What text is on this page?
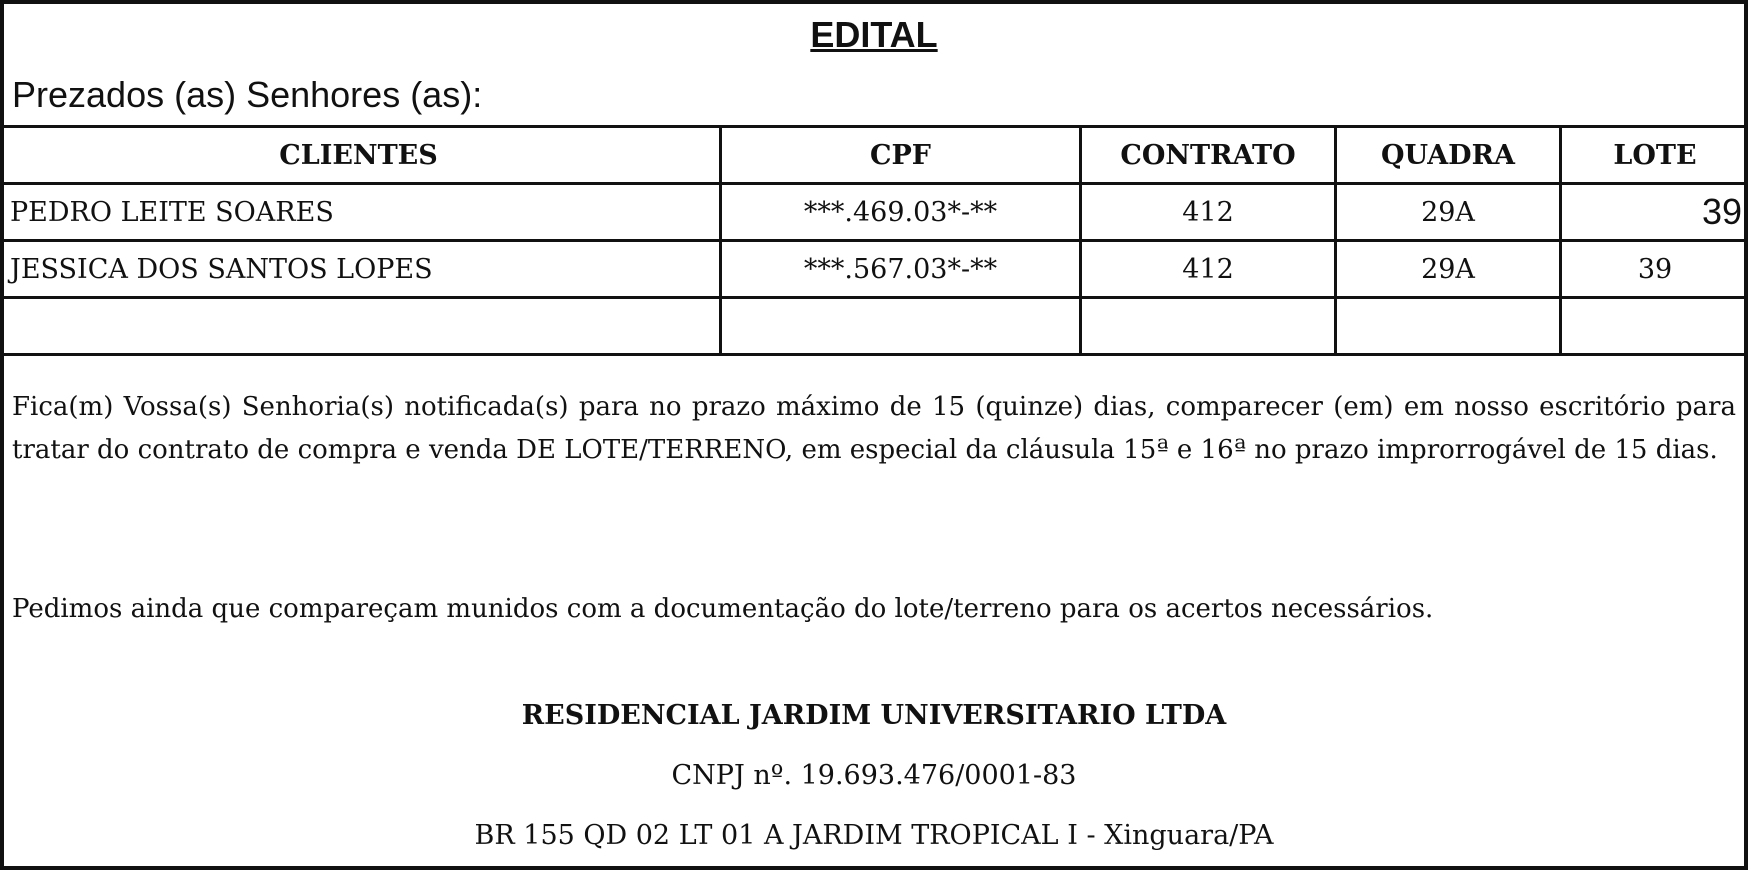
EDITAL
Prezados (as) Senhores (as):
CLIENTES	CPF	CONTRATO	QUADRA	LOTE
PEDRO LEITE SOARES	***.469.03*-**	412	29A	39
JESSICA DOS SANTOS LOPES	***.567.03*-**	412	29A	39

Fica(m) Vossa(s) Senhoria(s) notificada(s) para no prazo máximo de 15 (quinze) dias, comparecer (em) em nosso escritório para tratar do contrato de compra e venda DE LOTE/TERRENO, em especial da cláusula 15ª e 16ª no prazo improrrogável de 15 dias.
Pedimos ainda que compareçam munidos com a documentação do lote/terreno para os acertos necessários.
RESIDENCIAL JARDIM UNIVERSITARIO LTDA
CNPJ nº. 19.693.476/0001-83
BR 155 QD 02 LT 01 A JARDIM TROPICAL I - Xinguara/PA
